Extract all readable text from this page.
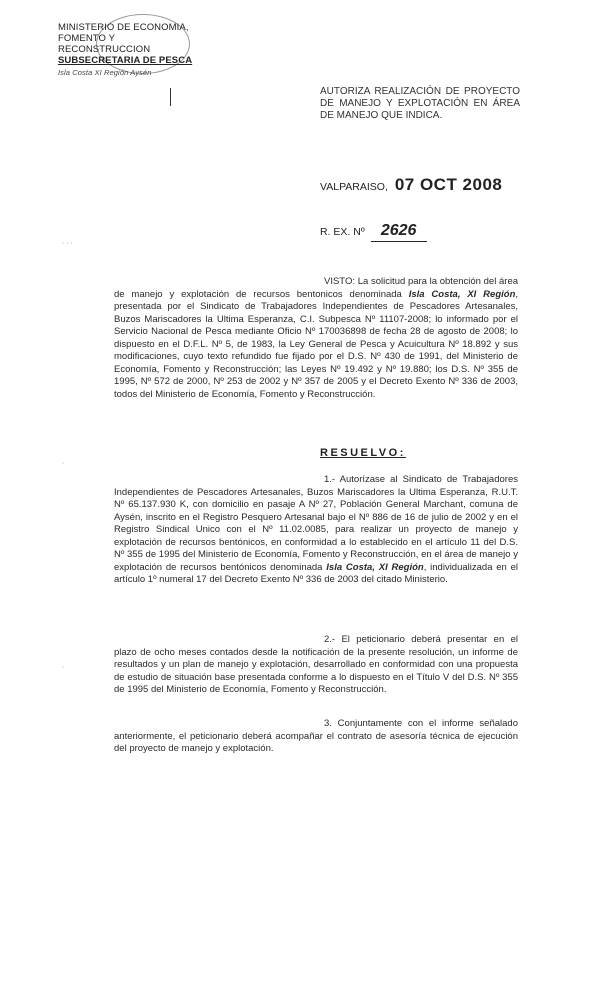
MINISTERIO DE ECONOMIA,
FOMENTO Y RECONSTRUCCION
SUBSECRETARIA DE PESCA
Isla Costa XI Región Aysén
AUTORIZA REALIZACIÓN DE PROYECTO DE MANEJO Y EXPLOTACIÓN EN ÁREA DE MANEJO QUE INDICA.
VALPARAISO, 07 OCT 2008
R. EX. Nº 2626
VISTO: La solicitud para la obtención del área de manejo y explotación de recursos bentonicos denominada Isla Costa, XI Región, presentada por el Sindicato de Trabajadores Independientes de Pescadores Artesanales, Buzos Mariscadores la Ultima Esperanza, C.I. Subpesca Nº 11107-2008; lo informado por el Servicio Nacional de Pesca mediante Oficio Nº 170036898 de fecha 28 de agosto de 2008; lo dispuesto en el D.F.L. Nº 5, de 1983, la Ley General de Pesca y Acuicultura Nº 18.892 y sus modificaciones, cuyo texto refundido fue fijado por el D.S. Nº 430 de 1991, del Ministerio de Economía, Fomento y Reconstrucción; las Leyes Nº 19.492 y Nº 19.880; los D.S. Nº 355 de 1995, Nº 572 de 2000, Nº 253 de 2002 y Nº 357 de 2005 y el Decreto Exento Nº 336 de 2003, todos del Ministerio de Economía, Fomento y Reconstrucción.
RESUELVO:
1.- Autorízase al Sindicato de Trabajadores Independientes de Pescadores Artesanales, Buzos Mariscadores la Ultima Esperanza, R.U.T. Nº 65.137.930 K, con domicilio en pasaje A Nº 27, Población General Marchant, comuna de Aysén, inscrito en el Registro Pesquero Artesanal bajo el Nº 886 de 16 de julio de 2002 y en el Registro Sindical Unico con el Nº 11.02.0085, para realizar un proyecto de manejo y explotación de recursos bentónicos, en conformidad a lo establecido en el artículo 11 del D.S. Nº 355 de 1995 del Ministerio de Economía, Fomento y Reconstrucción, en el área de manejo y explotación de recursos bentónicos denominada Isla Costa, XI Región, individualizada en el artículo 1º numeral 17 del Decreto Exento Nº 336 de 2003 del citado Ministerio.
2.- El peticionario deberá presentar en el plazo de ocho meses contados desde la notificación de la presente resolución, un informe de resultados y un plan de manejo y explotación, desarrollado en conformidad con una propuesta de estudio de situación base presentada conforme a lo dispuesto en el Título V del D.S. Nº 355 de 1995 del Ministerio de Economía, Fomento y Reconstrucción.
3. Conjuntamente con el informe señalado anteriormente, el peticionario deberá acompañar el contrato de asesoría técnica de ejecución del proyecto de manejo y explotación.
· · ·
·
·
